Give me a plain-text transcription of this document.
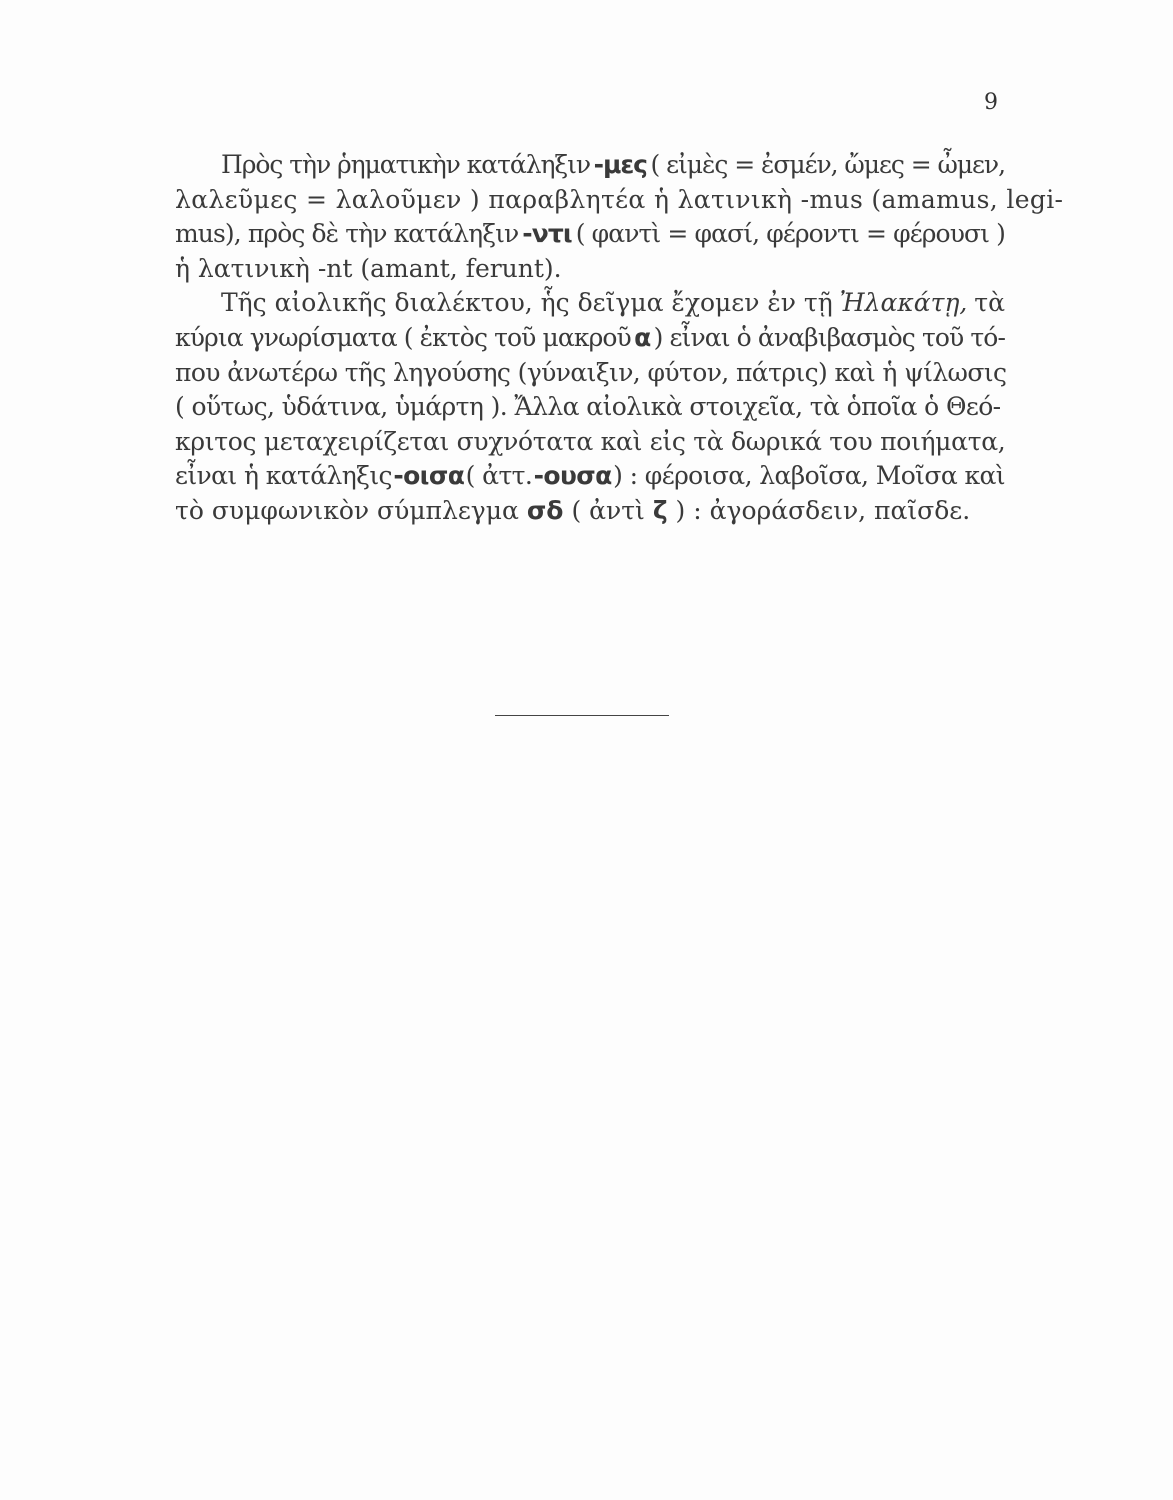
9
Πρὸς τὴν ῥηματικὴν κατάληξιν -μες ( εἰμὲς = ἐσμέν, ὤμες = ὦμεν,
λαλεῦμες = λαλοῦμεν ) παραβλητέα ἡ λατινικὴ -mus (amamus, legi-
mus), πρὸς δὲ τὴν κατάληξιν -ντι ( φαντὶ = φασί, φέροντι = φέρουσι )
ἡ λατινικὴ -nt (amant, ferunt).
Τῆς αἰολικῆς διαλέκτου, ἧς δεῖγμα ἔχομεν ἐν τῇ Ἠλακάτῃ, τὰ
κύρια γνωρίσματα ( ἐκτὸς τοῦ μακροῦ α ) εἶναι ὁ ἀναβιβασμὸς τοῦ τό-
που ἀνωτέρω τῆς ληγούσης (γύναιξιν, φύτον, πάτρις) καὶ ἡ ψίλωσις
( οὕτως, ὑδάτινα, ὑμάρτη ). Ἄλλα αἰολικὰ στοιχεῖα, τὰ ὁποῖα ὁ Θεό-
κριτος μεταχειρίζεται συχνότατα καὶ εἰς τὰ δωρικά του ποιήματα,
εἶναι ἡ κατάληξις -οισα ( ἀττ. -ουσα ) : φέροισα, λαβοῖσα, Μοῖσα καὶ
τὸ συμφωνικὸν σύμπλεγμα
σδ
( ἀντὶ
ζ
) : ἀγοράσδειν, παῖσδε.
